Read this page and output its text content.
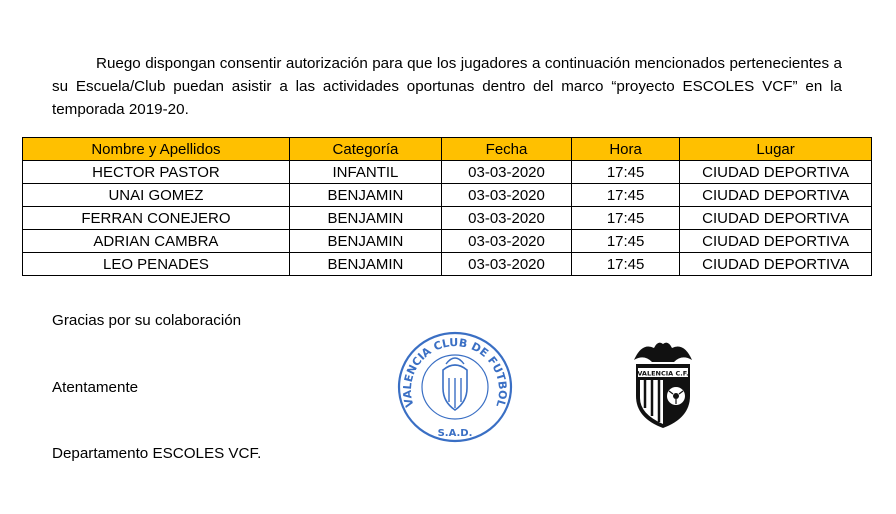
Ruego dispongan consentir autorización para que los jugadores a continuación mencionados pertenecientes a su Escuela/Club puedan asistir a las actividades oportunas dentro del marco “proyecto ESCOLES VCF” en la temporada 2019-20.

Nombre y Apellidos	Categoría	Fecha	Hora	Lugar
HECTOR PASTOR	INFANTIL	03-03-2020	17:45	CIUDAD DEPORTIVA
UNAI GOMEZ	BENJAMIN	03-03-2020	17:45	CIUDAD DEPORTIVA
FERRAN CONEJERO	BENJAMIN	03-03-2020	17:45	CIUDAD DEPORTIVA
ADRIAN CAMBRA	BENJAMIN	03-03-2020	17:45	CIUDAD DEPORTIVA
LEO PENADES	BENJAMIN	03-03-2020	17:45	CIUDAD DEPORTIVA

Gracias por su colaboración

Atentamente

Departamento ESCOLES VCF.

VALENCIA CLUB DE FUTBOL
S.A.D.
VALENCIA C.F.
